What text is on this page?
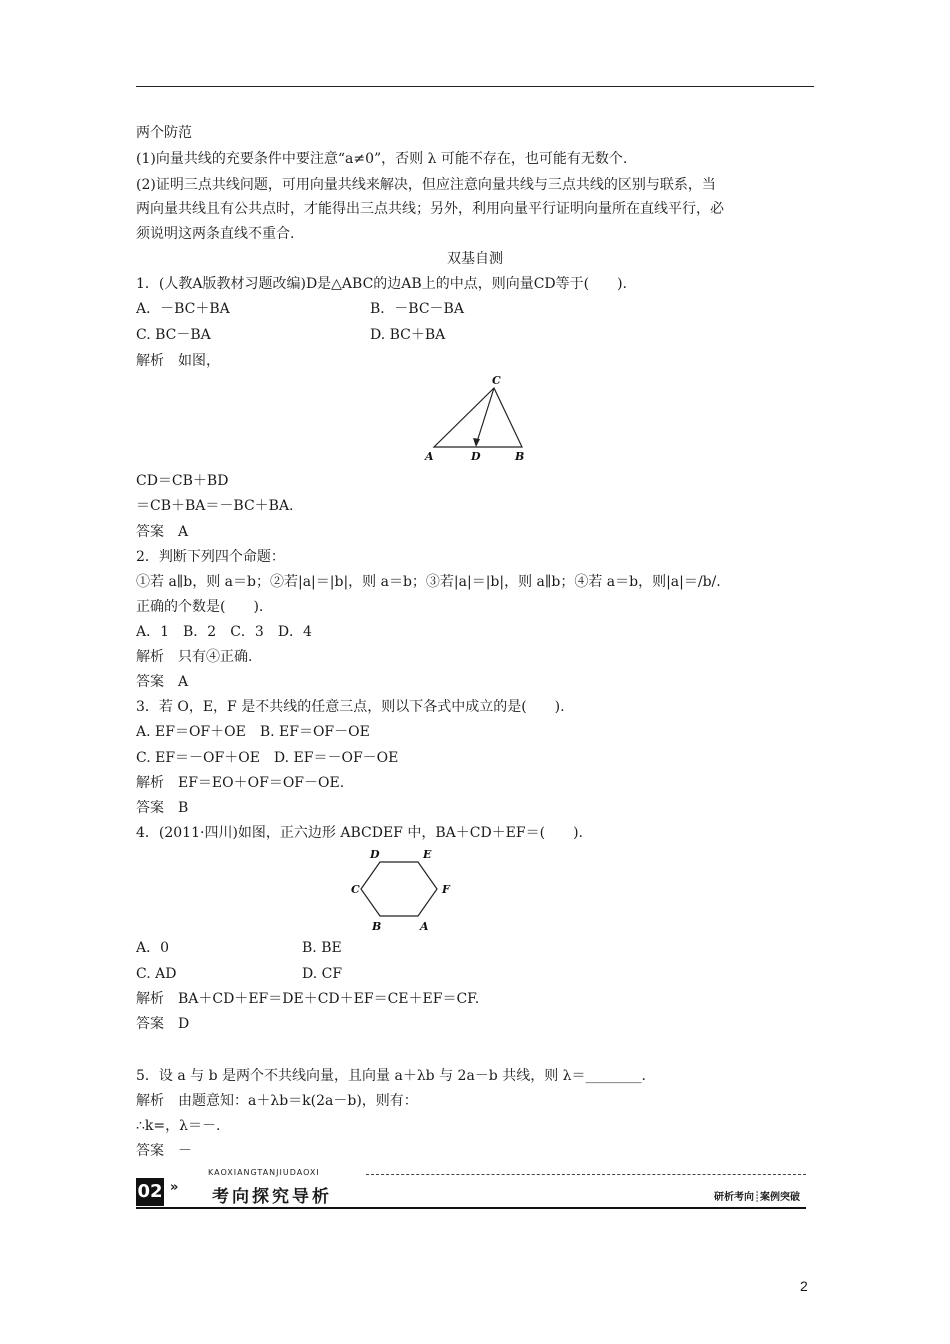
两个防范
(1)向量共线的充要条件中要注意“a≠0”，否则 λ 可能不存在，也可能有无数个.
(2)证明三点共线问题，可用向量共线来解决，但应注意向量共线与三点共线的区别与联系，当
两向量共线且有公共点时，才能得出三点共线；另外，利用向量平行证明向量所在直线平行，必
须说明这两条直线不重合.
双基自测
1．(人教A版教材习题改编)D是△ABC的边AB上的中点，则向量CD等于(　　).
A．－BC＋BA	B．－BC－BA
C. BC－BA	D. BC＋BA
解析　如图，
C
A	D	B
CD＝CB＋BD
＝CB＋BA＝－BC＋BA.
答案　A
2．判断下列四个命题：
①若 a∥b，则 a＝b；②若|a|＝|b|，则 a＝b；③若|a|＝|b|，则 a∥b；④若 a＝b，则|a|＝/b/.
正确的个数是(　　).
A．1　B．2　C．3　D．4
解析　只有④正确.
答案　A
3．若 O，E，F 是不共线的任意三点，则以下各式中成立的是(　　).
A. EF＝OF＋OE　B. EF＝OF－OE
C. EF＝－OF＋OE　D. EF＝－OF－OE
解析　EF＝EO＋OF＝OF－OE.
答案　B
4．(2011·四川)如图，正六边形 ABCDEF 中，BA＋CD＋EF＝(　　).
D	E
C	F
B	A
A．0	B. BE
C. AD	D. CF
解析　BA＋CD＋EF＝DE＋CD＋EF＝CE＋EF＝CF.
答案　D
5．设 a 与 b 是两个不共线向量，且向量 a＋λb 与 2a－b 共线，则 λ＝________.
解析　由题意知：a＋λb＝k(2a－b)，则有：
∴k=，λ＝－.
答案　－
02 »
KAOXIANGTANJIUDAOXI
考向探究导析	研析考向┊案例突破
2
